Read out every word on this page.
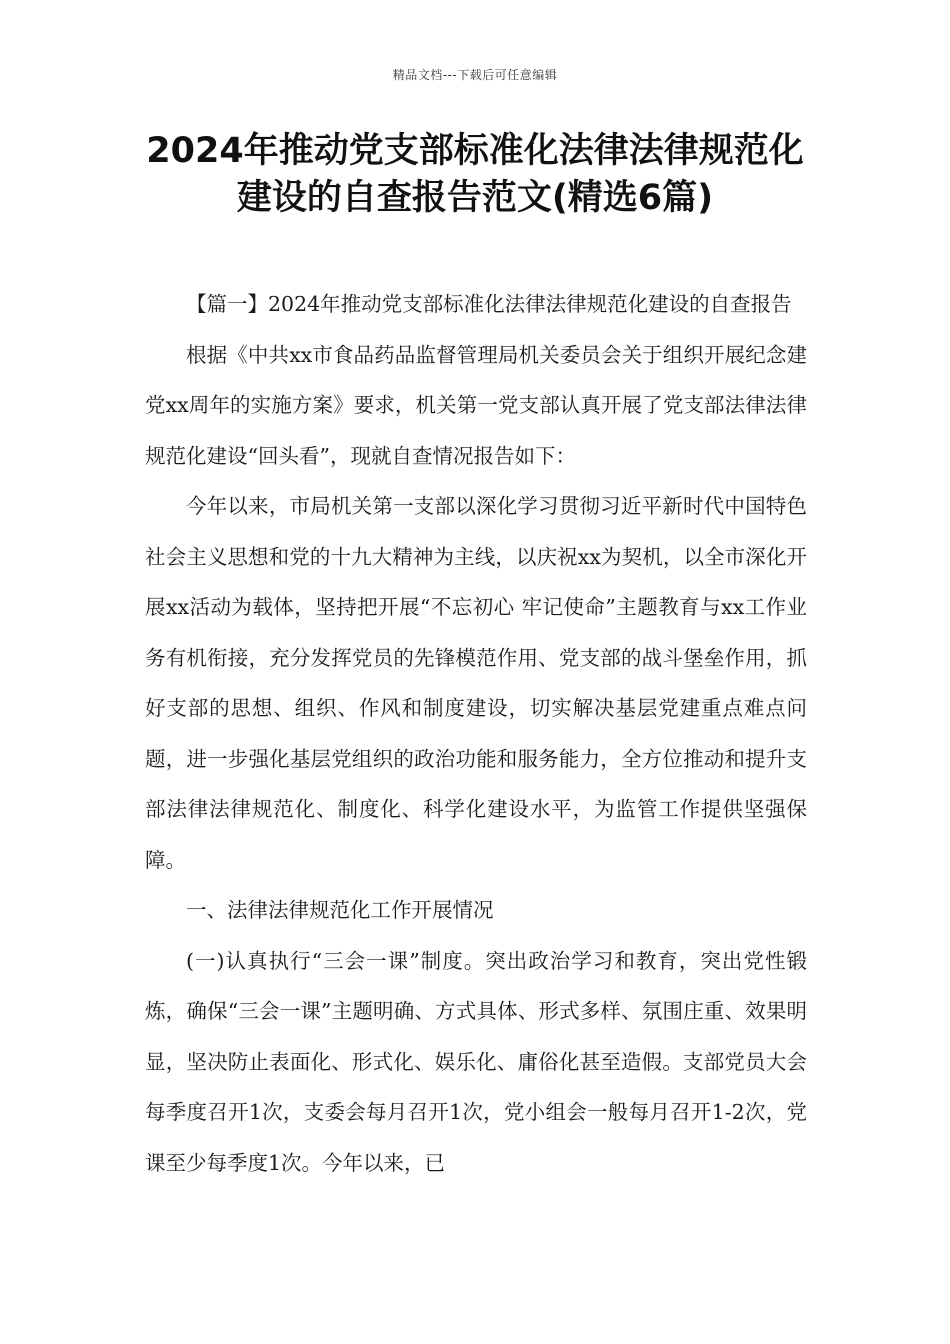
精品文档---下载后可任意编辑
2024年推动党支部标准化法律法律规范化建设的自查报告范文(精选6篇)

【篇一】2024年推动党支部标准化法律法律规范化建设的自查报告

根据《中共xx市食品药品监督管理局机关委员会关于组织开展纪念建党xx周年的实施方案》要求，机关第一党支部认真开展了党支部法律法律规范化建设“回头看”，现就自查情况报告如下：

今年以来，市局机关第一支部以深化学习贯彻习近平新时代中国特色社会主义思想和党的十九大精神为主线，以庆祝xx为契机，以全市深化开展xx活动为载体，坚持把开展“不忘初心 牢记使命”主题教育与xx工作业务有机衔接，充分发挥党员的先锋模范作用、党支部的战斗堡垒作用，抓好支部的思想、组织、作风和制度建设，切实解决基层党建重点难点问题，进一步强化基层党组织的政治功能和服务能力，全方位推动和提升支部法律法律规范化、制度化、科学化建设水平，为监管工作提供坚强保障。

一、法律法律规范化工作开展情况

(一)认真执行“三会一课”制度。突出政治学习和教育，突出党性锻炼，确保“三会一课”主题明确、方式具体、形式多样、氛围庄重、效果明显，坚决防止表面化、形式化、娱乐化、庸俗化甚至造假。支部党员大会每季度召开1次，支委会每月召开1次，党小组会一般每月召开1-2次，党课至少每季度1次。今年以来，已
